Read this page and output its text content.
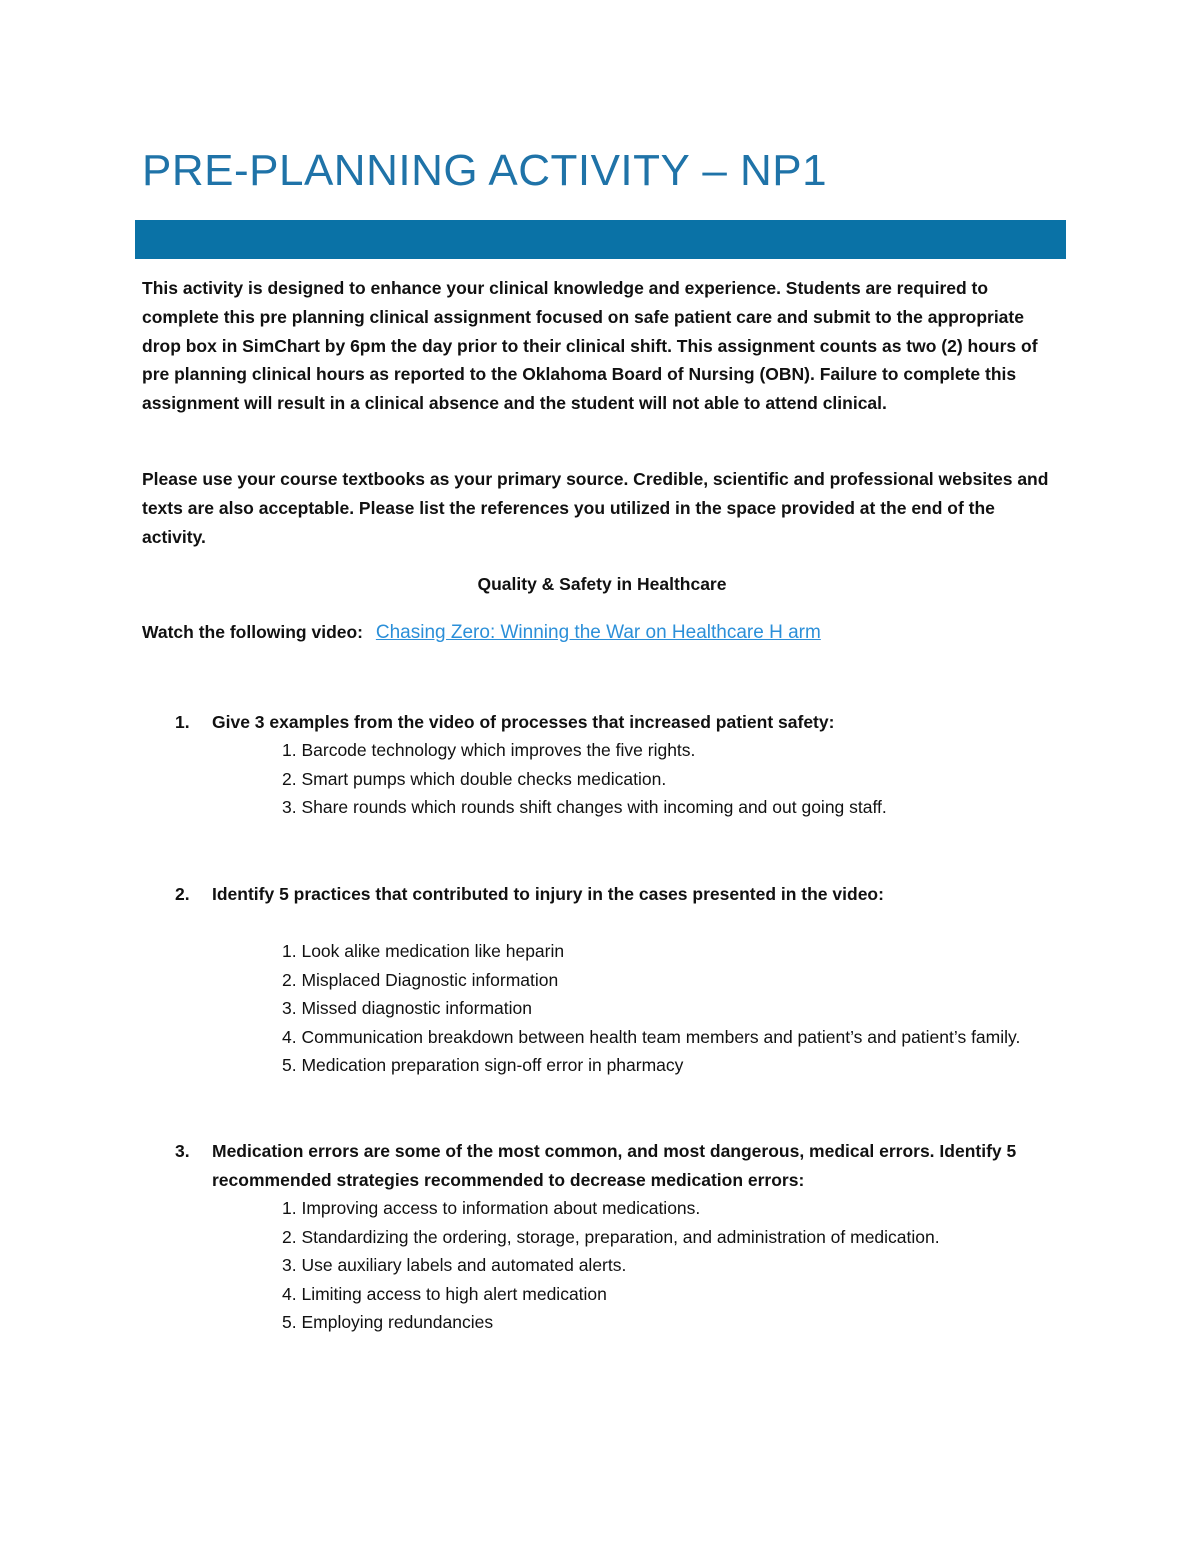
PRE-PLANNING ACTIVITY – NP1

This activity is designed to enhance your clinical knowledge and experience. Students are required to complete this pre planning clinical assignment focused on safe patient care and submit to the appropriate drop box in SimChart by 6pm the day prior to their clinical shift. This assignment counts as two (2) hours of pre planning clinical hours as reported to the Oklahoma Board of Nursing (OBN). Failure to complete this assignment will result in a clinical absence and the student will not able to attend clinical.

Please use your course textbooks as your primary source. Credible, scientific and professional websites and texts are also acceptable. Please list the references you utilized in the space provided at the end of the activity.

Quality & Safety in Healthcare

Watch the following video: Chasing Zero: Winning the War on Healthcare H arm
1. Give 3 examples from the video of processes that increased patient safety:
1. Barcode technology which improves the five rights.
2. Smart pumps which double checks medication.
3. Share rounds which rounds shift changes with incoming and out going staff.
2. Identify 5 practices that contributed to injury in the cases presented in the video:
1. Look alike medication like heparin
2. Misplaced Diagnostic information
3. Missed diagnostic information
4. Communication breakdown between health team members and patient’s and patient’s family.
5. Medication preparation sign-off error in pharmacy
3. Medication errors are some of the most common, and most dangerous, medical errors. Identify 5 recommended strategies recommended to decrease medication errors:
1. Improving access to information about medications.
2. Standardizing the ordering, storage, preparation, and administration of medication.
3. Use auxiliary labels and automated alerts.
4. Limiting access to high alert medication
5. Employing redundancies
